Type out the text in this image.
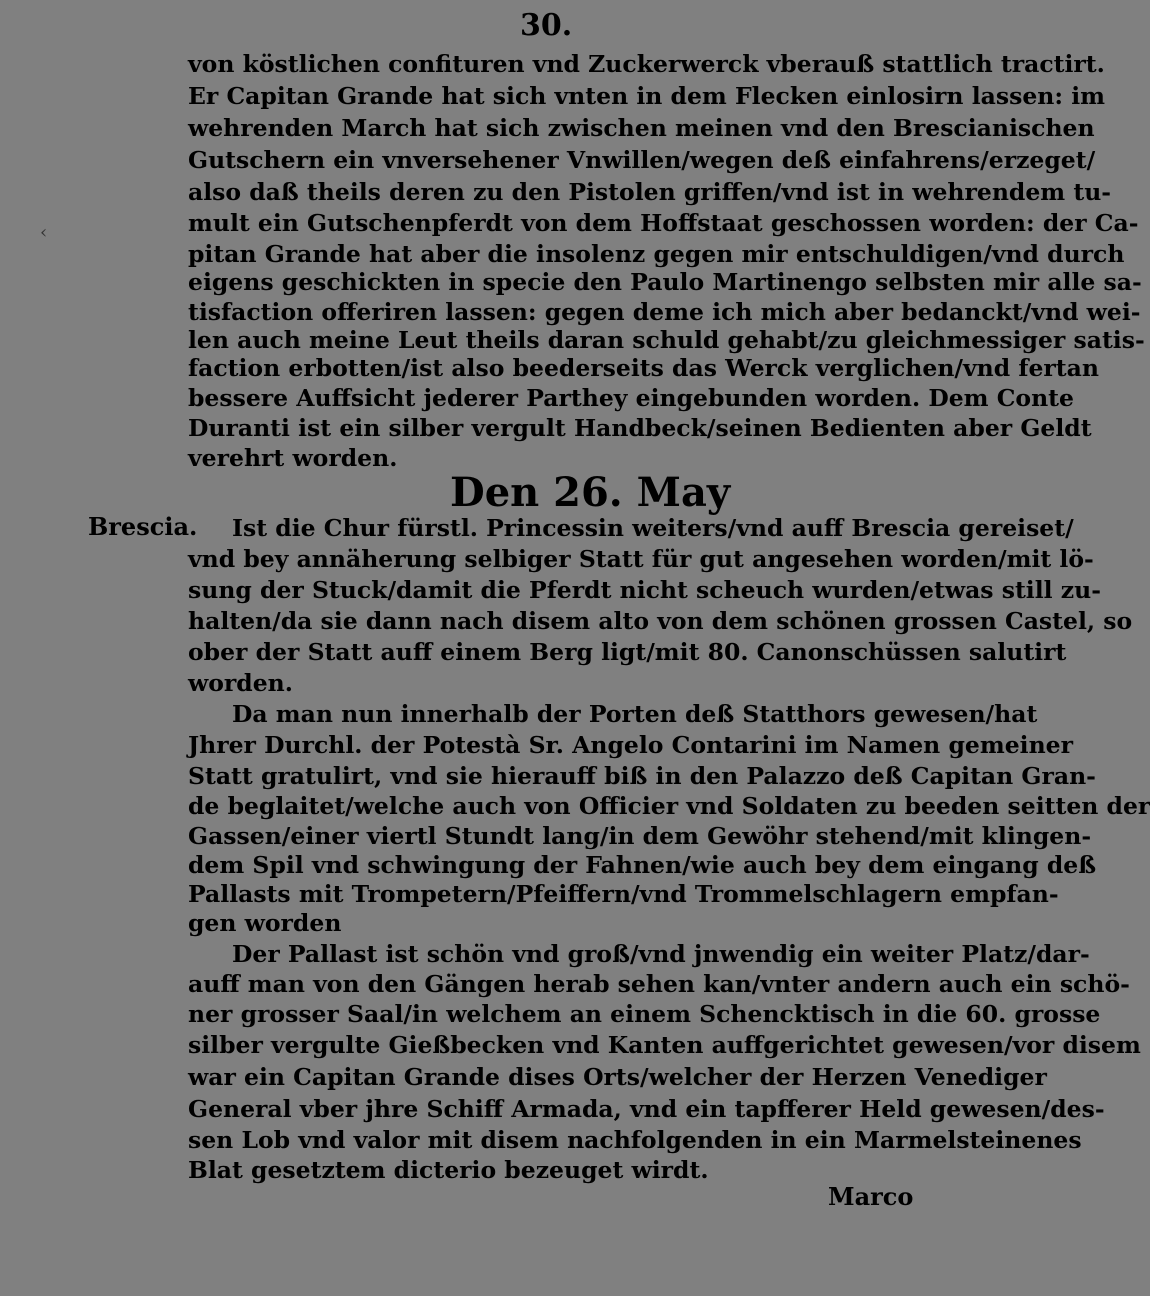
30.
‹
von köstlichen confituren vnd Zuckerwerck vberauß stattlich tractirt.
Er Capitan Grande hat sich vnten in dem Flecken einlosirn lassen: im
wehrenden March hat sich zwischen meinen vnd den Brescianischen
Gutschern ein vnversehener Vnwillen/wegen deß einfahrens/erzeget/
also daß theils deren zu den Pistolen griffen/vnd ist in wehrendem tu-
mult ein Gutschenpferdt von dem Hoffstaat geschossen worden: der Ca-
pitan Grande hat aber die insolenz gegen mir entschuldigen/vnd durch
eigens geschickten in specie den Paulo Martinengo selbsten mir alle sa-
tisfaction offeriren lassen: gegen deme ich mich aber bedanckt/vnd wei-
len auch meine Leut theils daran schuld gehabt/zu gleichmessiger satis-
faction erbotten/ist also beederseits das Werck verglichen/vnd fertan
bessere Auffsicht jederer Parthey eingebunden worden. Dem Conte
Duranti ist ein silber vergult Handbeck/seinen Bedienten aber Geldt
verehrt worden.
Den 26. May
Brescia.	Ist die Chur fürstl. Princessin weiters/vnd auff Brescia gereiset/
vnd bey annäherung selbiger Statt für gut angesehen worden/mit lö-
sung der Stuck/damit die Pferdt nicht scheuch wurden/etwas still zu-
halten/da sie dann nach disem alto von dem schönen grossen Castel, so
ober der Statt auff einem Berg ligt/mit 80. Canonschüssen salutirt
worden.
Da man nun innerhalb der Porten deß Statthors gewesen/hat
Jhrer Durchl. der Potestà Sr. Angelo Contarini im Namen gemeiner
Statt gratulirt, vnd sie hierauff biß in den Palazzo deß Capitan Gran-
de beglaitet/welche auch von Officier vnd Soldaten zu beeden seitten der
Gassen/einer viertl Stundt lang/in dem Gewöhr stehend/mit klingen-
dem Spil vnd schwingung der Fahnen/wie auch bey dem eingang deß
Pallasts mit Trompetern/Pfeiffern/vnd Trommelschlagern empfan-
gen worden
Der Pallast ist schön vnd groß/vnd jnwendig ein weiter Platz/dar-
auff man von den Gängen herab sehen kan/vnter andern auch ein schö-
ner grosser Saal/in welchem an einem Schencktisch in die 60. grosse
silber vergulte Gießbecken vnd Kanten auffgerichtet gewesen/vor disem
war ein Capitan Grande dises Orts/welcher der Herzen Venediger
General vber jhre Schiff Armada, vnd ein tapfferer Held gewesen/des-
sen Lob vnd valor mit disem nachfolgenden in ein Marmelsteinenes
Blat gesetztem dicterio bezeuget wirdt.
Marco
